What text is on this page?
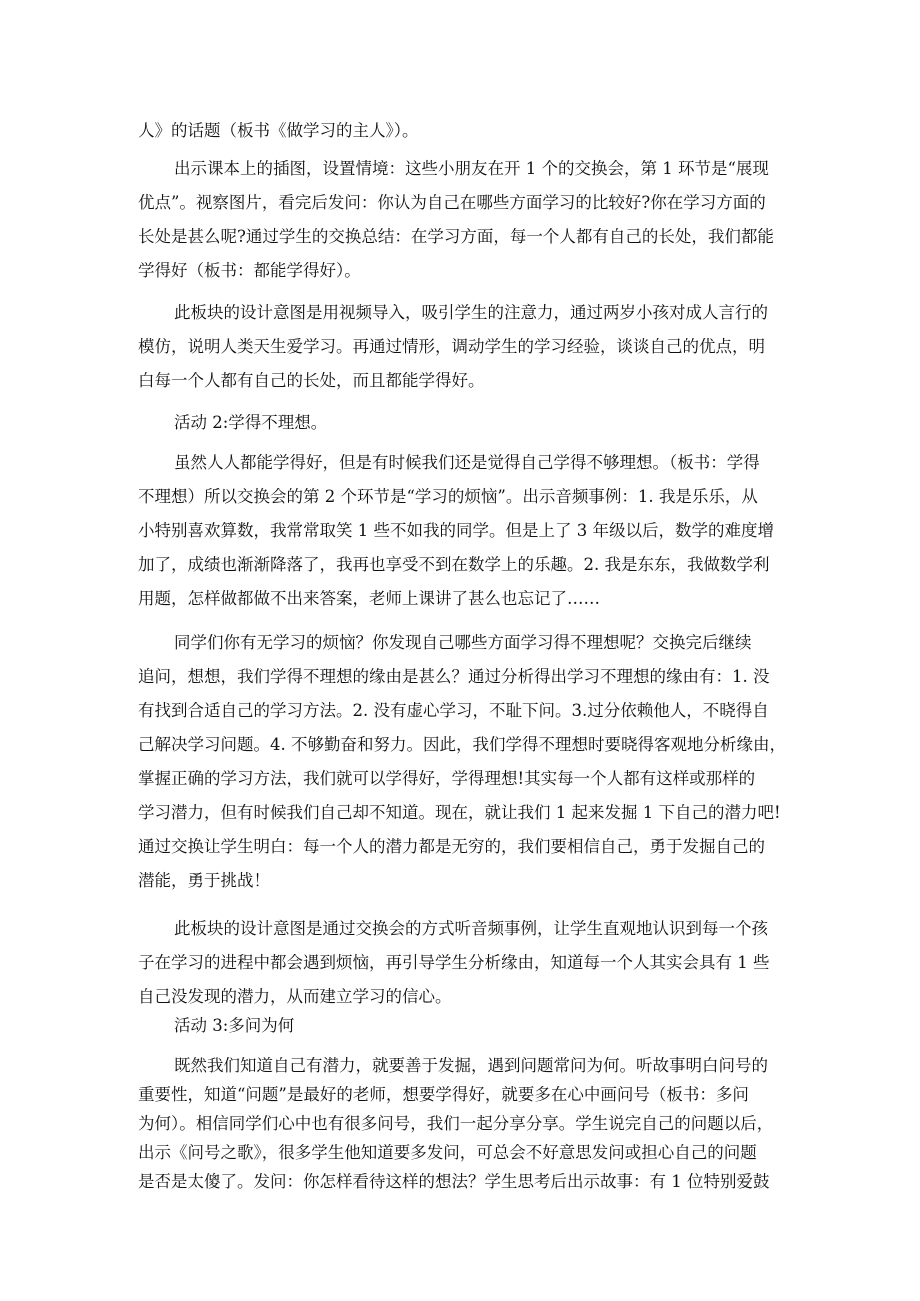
人》的话题（板书《做学习的主人》）。
出示课本上的插图，设置情境：这些小朋友在开 1 个的交换会，第 1 环节是“展现
优点”。视察图片，看完后发问：你认为自己在哪些方面学习的比较好?你在学习方面的
长处是甚么呢?通过学生的交换总结：在学习方面，每一个人都有自己的长处，我们都能
学得好（板书：都能学得好）。
此板块的设计意图是用视频导入，吸引学生的注意力，通过两岁小孩对成人言行的
模仿，说明人类天生爱学习。再通过情形，调动学生的学习经验，谈谈自己的优点，明
白每一个人都有自己的长处，而且都能学得好。
活动 2:学得不理想。
虽然人人都能学得好，但是有时候我们还是觉得自己学得不够理想。（板书：学得
不理想）所以交换会的第 2 个环节是“学习的烦恼”。出示音频事例：1. 我是乐乐，从
小特别喜欢算数，我常常取笑 1 些不如我的同学。但是上了 3 年级以后，数学的难度增
加了，成绩也渐渐降落了，我再也享受不到在数学上的乐趣。2. 我是东东，我做数学利
用题，怎样做都做不出来答案，老师上课讲了甚么也忘记了……
同学们你有无学习的烦恼？你发现自己哪些方面学习得不理想呢？交换完后继续
追问，想想，我们学得不理想的缘由是甚么？通过分析得出学习不理想的缘由有：1. 没
有找到合适自己的学习方法。2. 没有虚心学习，不耻下问。3.过分依赖他人，不晓得自
己解决学习问题。4. 不够勤奋和努力。因此，我们学得不理想时要晓得客观地分析缘由，
掌握正确的学习方法，我们就可以学得好，学得理想!其实每一个人都有这样或那样的
学习潜力，但有时候我们自己却不知道。现在，就让我们 1 起来发掘 1 下自己的潜力吧!
通过交换让学生明白：每一个人的潜力都是无穷的，我们要相信自己，勇于发掘自己的
潜能，勇于挑战！
此板块的设计意图是通过交换会的方式听音频事例，让学生直观地认识到每一个孩
子在学习的进程中都会遇到烦恼，再引导学生分析缘由，知道每一个人其实会具有 1 些
自己没发现的潜力，从而建立学习的信心。
活动 3:多问为何
既然我们知道自己有潜力，就要善于发掘，遇到问题常问为何。听故事明白问号的
重要性，知道“问题”是最好的老师，想要学得好，就要多在心中画问号（板书：多问
为何）。相信同学们心中也有很多问号，我们一起分享分享。学生说完自己的问题以后，
出示《问号之歌》，很多学生他知道要多发问，可总会不好意思发问或担心自己的问题
是否是太傻了。发问：你怎样看待这样的想法？学生思考后出示故事：有 1 位特别爱鼓
